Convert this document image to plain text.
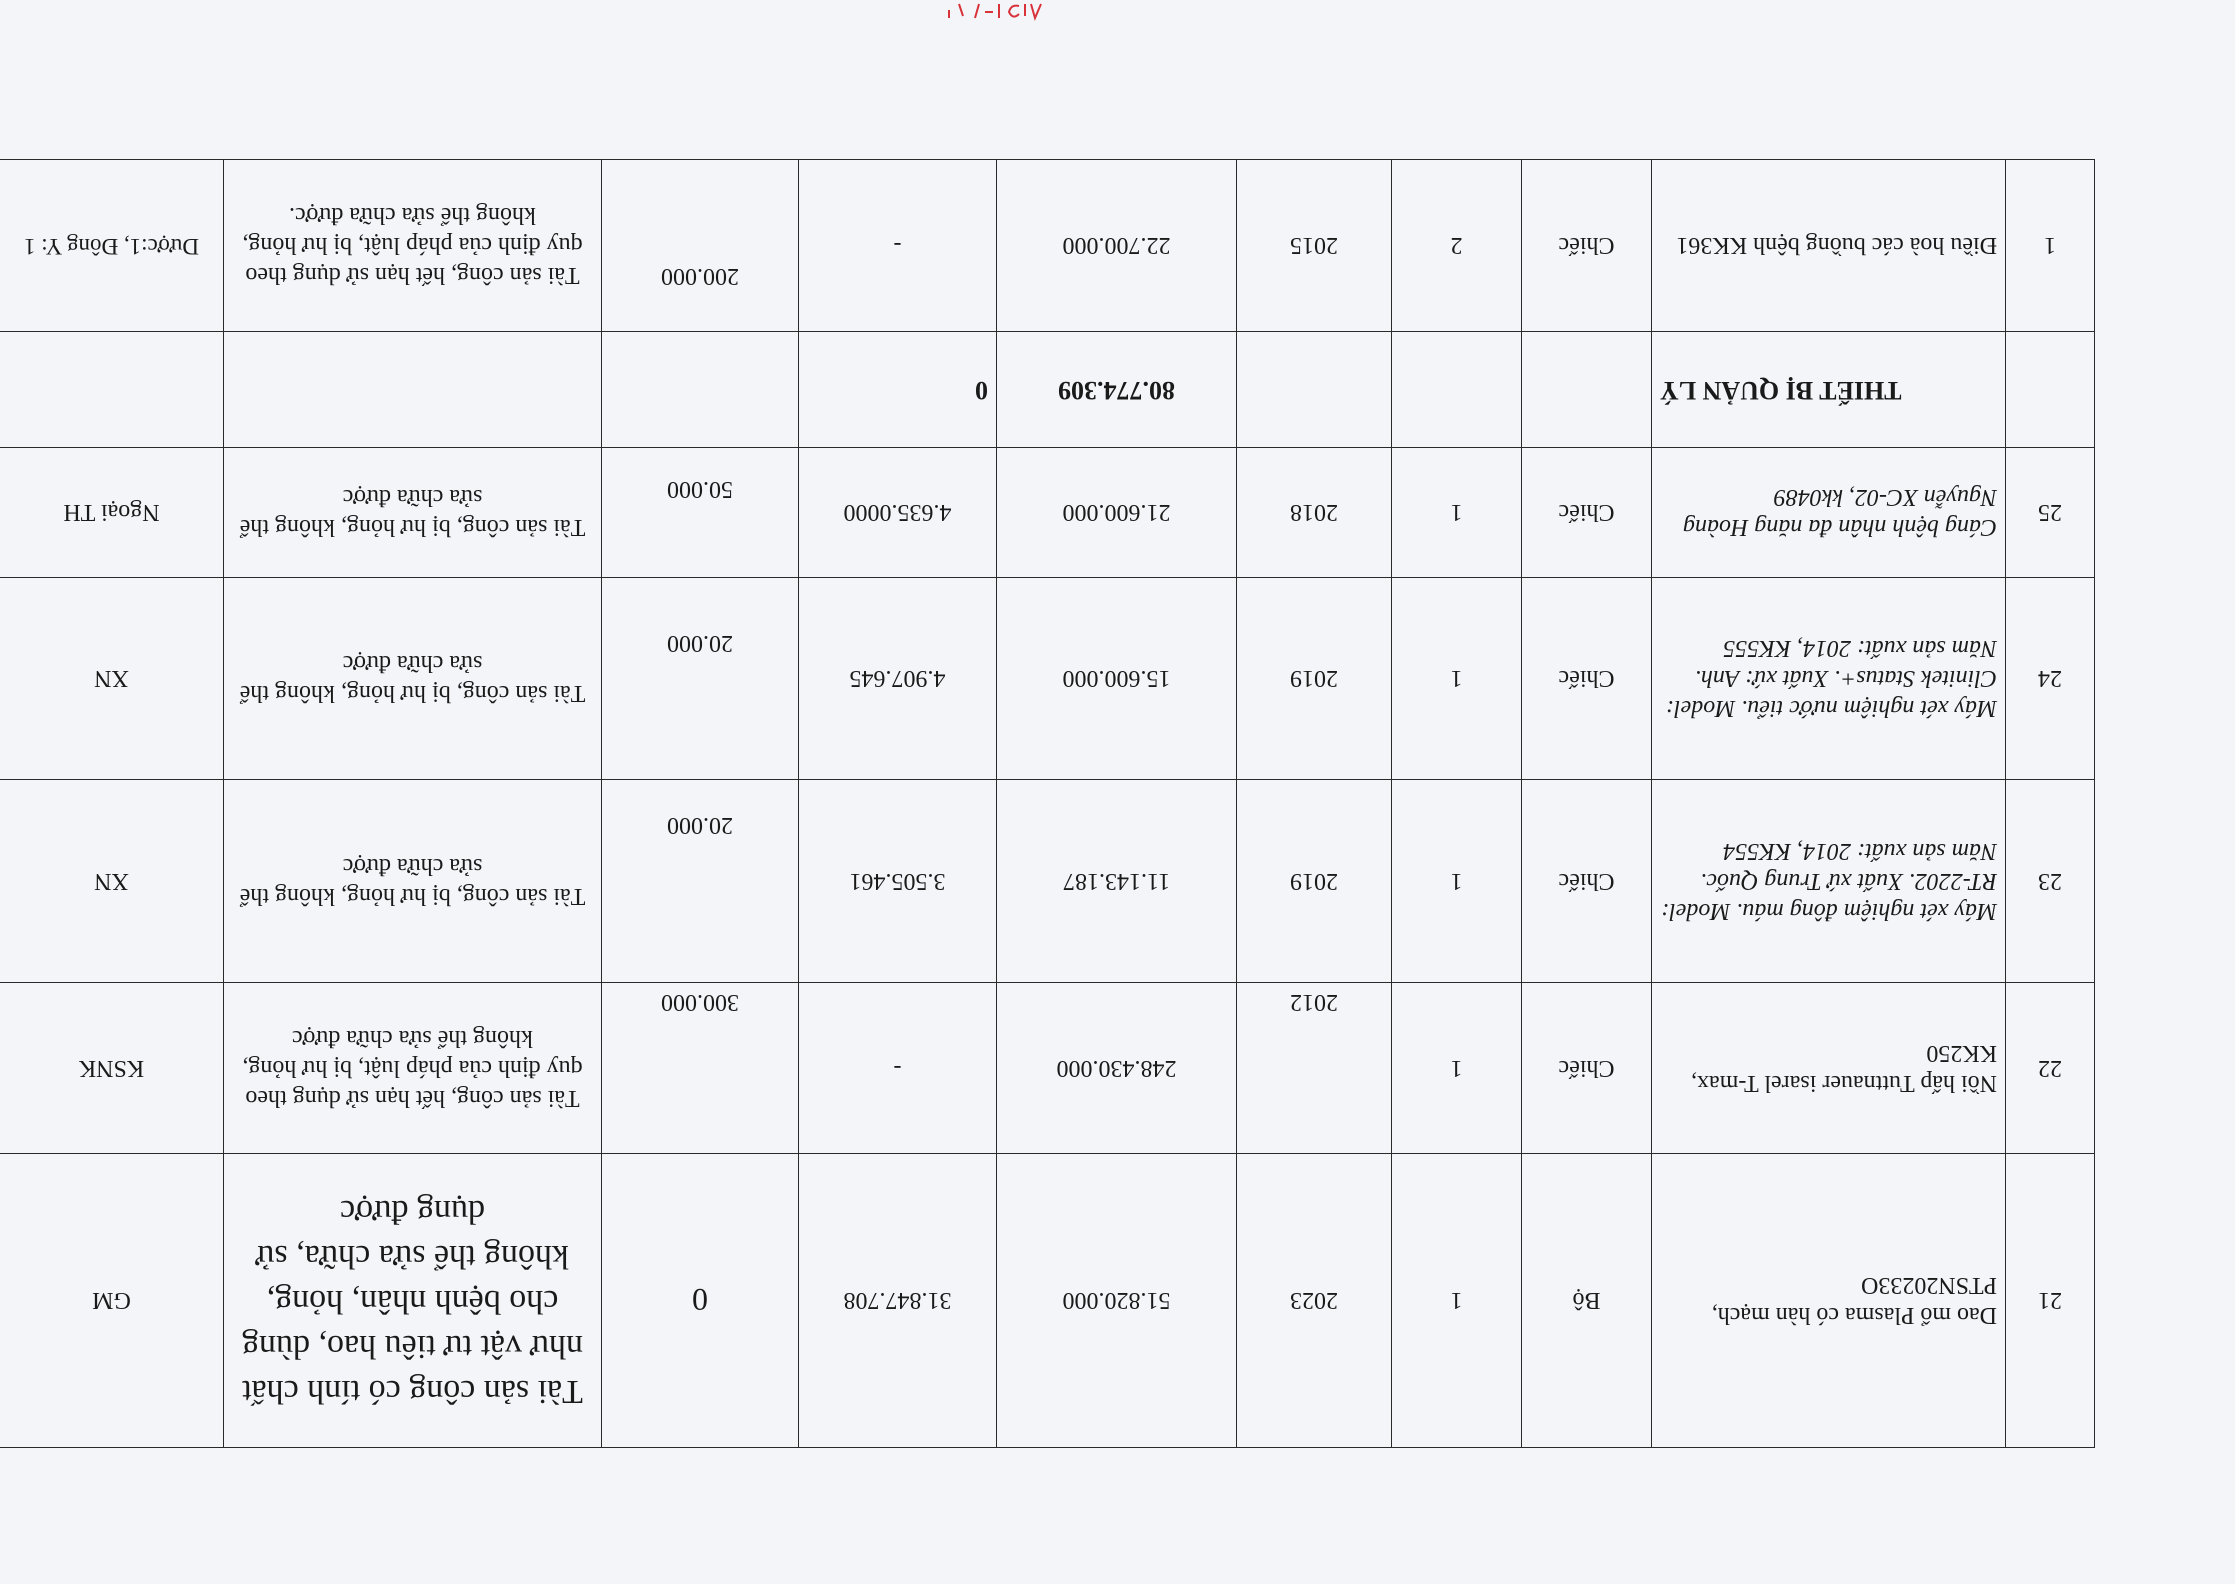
21	Dao mổ Plasma có hàn mạch, PTSN20233O	Bộ	1	2023	51.820.000	31.847.708	0	Tài sản công có tính chất như vật tư tiêu hao, dùng cho bệnh nhân, hỏng, không thể sửa chữa, sử dụng được	GM
22	Nồi hấp Tuttnauer isarel T-max, KK250	Chiếc	1	2012	248.430.000	-	300.000	Tài sản công, hết hạn sử dụng theo quy định của pháp luật, bị hư hỏng, không thể sửa chữa được	KSNK
23	Máy xét nghiệm đông máu. Model: RT-2202. Xuất xứ Trung Quốc. Năm sản xuất: 2014, KK554	Chiếc	1	2019	11.143.187	3.505.461	20.000	Tài sản công, bị hư hỏng, không thể sửa chữa được	XN
24	Máy xét nghiệm nước tiểu. Model: Clinitek Status+. Xuất xứ: Anh. Năm sản xuất: 2014, KK555	Chiếc	1	2019	15.600.000	4.907.645	20.000	Tài sản công, bị hư hỏng, không thể sửa chữa được	XN
25	Cáng bệnh nhân đa năng Hoàng Nguyễn XC-02, kk0489	Chiếc	1	2018	21.600.000	4.635.0000	50.000	Tài sản công, bị hư hỏng, không thể sửa chữa được	Ngoại TH
	THIẾT BỊ QUẢN LÝ				80.774.309	0			
1	Điều hoà các buồng bệnh KK361	Chiếc	2	2015	22.700.000	-	200.000	Tài sản công, hết hạn sử dụng theo quy định của pháp luật, bị hư hỏng, không thể sửa chữa được.	Dược:1, Đông Y: 1
